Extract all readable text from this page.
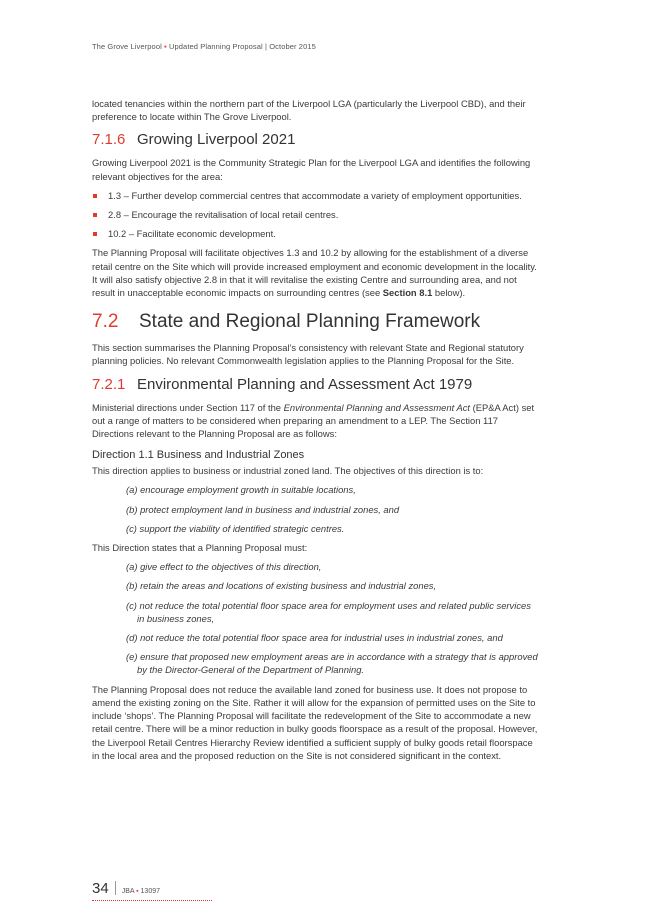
The Grove Liverpool ▪ Updated Planning Proposal | October 2015

located tenancies within the northern part of the Liverpool LGA (particularly the Liverpool CBD), and their preference to locate within The Grove Liverpool.

7.1.6 Growing Liverpool 2021

Growing Liverpool 2021 is the Community Strategic Plan for the Liverpool LGA and identifies the following relevant objectives for the area:

1.3 – Further develop commercial centres that accommodate a variety of employment opportunities.
2.8 – Encourage the revitalisation of local retail centres.
10.2 – Facilitate economic development.

The Planning Proposal will facilitate objectives 1.3 and 10.2 by allowing for the establishment of a diverse retail centre on the Site which will provide increased employment and economic development in the locality. It will also satisfy objective 2.8 in that it will revitalise the existing Centre and surrounding area, and not result in unacceptable economic impacts on surrounding centres (see Section 8.1 below).

7.2 State and Regional Planning Framework

This section summarises the Planning Proposal’s consistency with relevant State and Regional statutory planning policies. No relevant Commonwealth legislation applies to the Planning Proposal for the Site.

7.2.1 Environmental Planning and Assessment Act 1979

Ministerial directions under Section 117 of the Environmental Planning and Assessment Act (EP&A Act) set out a range of matters to be considered when preparing an amendment to a LEP. The Section 117 Directions relevant to the Planning Proposal are as follows:

Direction 1.1 Business and Industrial Zones

This direction applies to business or industrial zoned land. The objectives of this direction is to:

(a) encourage employment growth in suitable locations,
(b) protect employment land in business and industrial zones, and
(c) support the viability of identified strategic centres.

This Direction states that a Planning Proposal must:

(a) give effect to the objectives of this direction,
(b) retain the areas and locations of existing business and industrial zones,
(c) not reduce the total potential floor space area for employment uses and related public services in business zones,
(d) not reduce the total potential floor space area for industrial uses in industrial zones, and
(e) ensure that proposed new employment areas are in accordance with a strategy that is approved by the Director-General of the Department of Planning.

The Planning Proposal does not reduce the available land zoned for business use. It does not propose to amend the existing zoning on the Site. Rather it will allow for the expansion of permitted uses on the Site to include ‘shops’. The Planning Proposal will facilitate the redevelopment of the Site to accommodate a new retail centre. There will be a minor reduction in bulky goods floorspace as a result of the proposal. However, the Liverpool Retail Centres Hierarchy Review identified a sufficient supply of bulky goods retail floorspace in the local area and the proposed reduction on the Site is not considered significant in the context.

34 JBA ▪ 13097
